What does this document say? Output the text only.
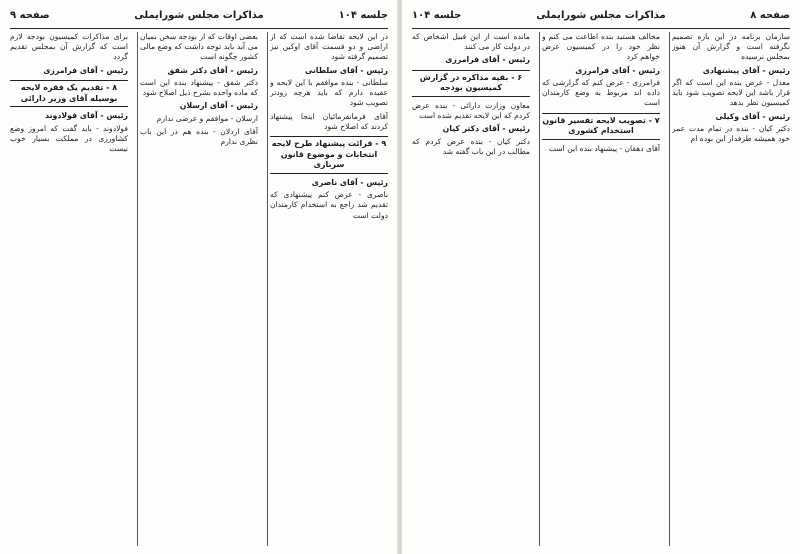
جلسه ۱۰۴
مذاکرات مجلس شورایملی
صفحه ۹
در این لایحه تقاضا شده است که از اراضی و دو قسمت آقای اوکین نیز تصمیم گرفته شود
رئیس - آقای سلطانی
سلطانی - بنده موافقم با این لایحه و عقیده دارم که باید هرچه زودتر تصویب شود
آقای فرمانفرمائیان اینجا پیشنهاد کردند که اصلاح شود
۹ - قرائت پیشنهاد طرح لایحه انتخابات و موضوع قانون سربازی
رئیس - آقای ناصری
ناصری - عرض کنم پیشنهادی که تقدیم شد راجع به استخدام کارمندان دولت است
بعضی اوقات که از بودجه سخن بمیان می آید باید توجه داشت که وضع مالی کشور چگونه است
رئیس - آقای دکتر شفق
دکتر شفق - پیشنهاد بنده این است که ماده واحده بشرح ذیل اصلاح شود
رئیس - آقای ارسلان
ارسلان - موافقم و عرضی ندارم
آقای اردلان - بنده هم در این باب نظری ندارم
برای مذاکرات کمیسیون بودجه لازم است که گزارش آن بمجلس تقدیم گردد
رئیس - آقای فرامرزی
۸ - تقدیم یک فقره لایحه بوسیله آقای وزیر دارائی
رئیس - آقای فولادوند
فولادوند - باید گفت که امروز وضع کشاورزی در مملکت بسیار خوب نیست
صفحه ۸
مذاکرات مجلس شورایملی
جلسه ۱۰۴
سازمان برنامه در این باره تصمیم نگرفته است و گزارش آن هنوز بمجلس نرسیده
رئیس - آقای پیشنهادی
معدل - عرض بنده این است که اگر قرار باشد این لایحه تصویب شود باید کمیسیون نظر بدهد
رئیس - آقای وکیلی
دکتر کیان - بنده در تمام مدت عمر خود همیشه طرفدار این بوده ام
مخالف هستید بنده اطاعت می کنم و نظر خود را در کمیسیون عرض خواهم کرد
رئیس - آقای فرامرزی
فرامرزی - عرض کنم که گزارشی که داده اند مربوط به وضع کارمندان است
۷ - تصویب لایحه تفسیر قانون استخدام کشوری
آقای دهقان - پیشنهاد بنده این است
مانده است از این قبیل اشخاص که در دولت کار می کنند
رئیس - آقای فرامرزی
۶ - بقیه مذاکره در گزارش کمیسیون بودجه
معاون وزارت دارائی - بنده عرض کردم که این لایحه تقدیم شده است
رئیس - آقای دکتر کیان
دکتر کیان - بنده عرض کردم که مطالب در این باب گفته شد
